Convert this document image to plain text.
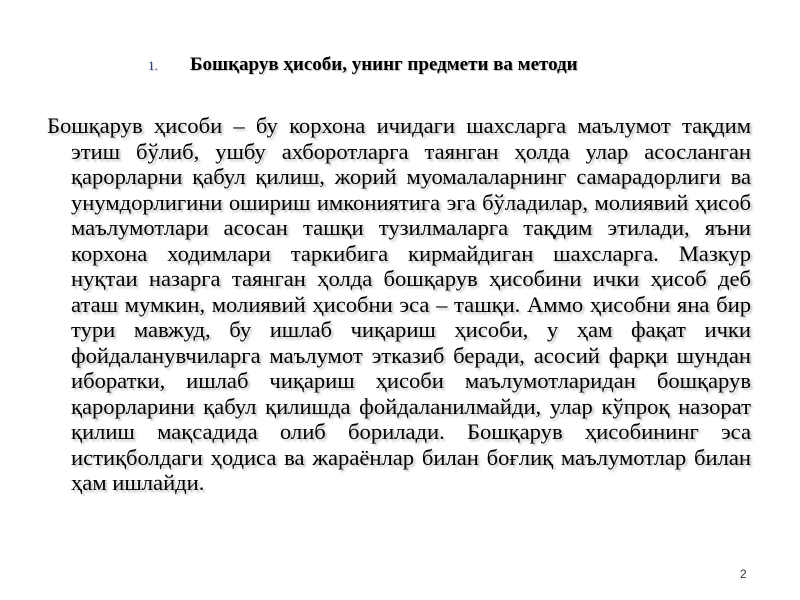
1.	Бошқарув ҳисоби, унинг предмети ва методи
Бошқарув ҳисоби – бу корхона ичидаги шахсларга маълумот тақдим этиш бўлиб, ушбу ахборотларга таянган ҳолда улар асосланган қарорларни қабул қилиш, жорий муомалаларнинг самарадорлиги ва унумдорлигини ошириш имкониятига эга бўладилар, молиявий ҳисоб маълумотлари асосан ташқи тузилмаларга тақдим этилади, яъни корхона ходимлари таркибига кирмайдиган шахсларга. Мазкур нуқтаи назарга таянган ҳолда бошқарув ҳисобини ички ҳисоб деб аташ мумкин, молиявий ҳисобни эса – ташқи. Аммо ҳисобни яна бир тури мавжуд, бу ишлаб чиқариш ҳисоби, у ҳам фақат ички фойдаланувчиларга маълумот этказиб беради, асосий фарқи шундан иборатки, ишлаб чиқариш ҳисоби маълумотларидан бошқарув қарорларини қабул қилишда фойдаланилмайди, улар кўпроқ назорат қилиш мақсадида олиб борилади. Бошқарув ҳисобининг эса истиқболдаги ҳодиса ва жараёнлар билан боғлиқ маълумотлар билан ҳам ишлайди.
2
